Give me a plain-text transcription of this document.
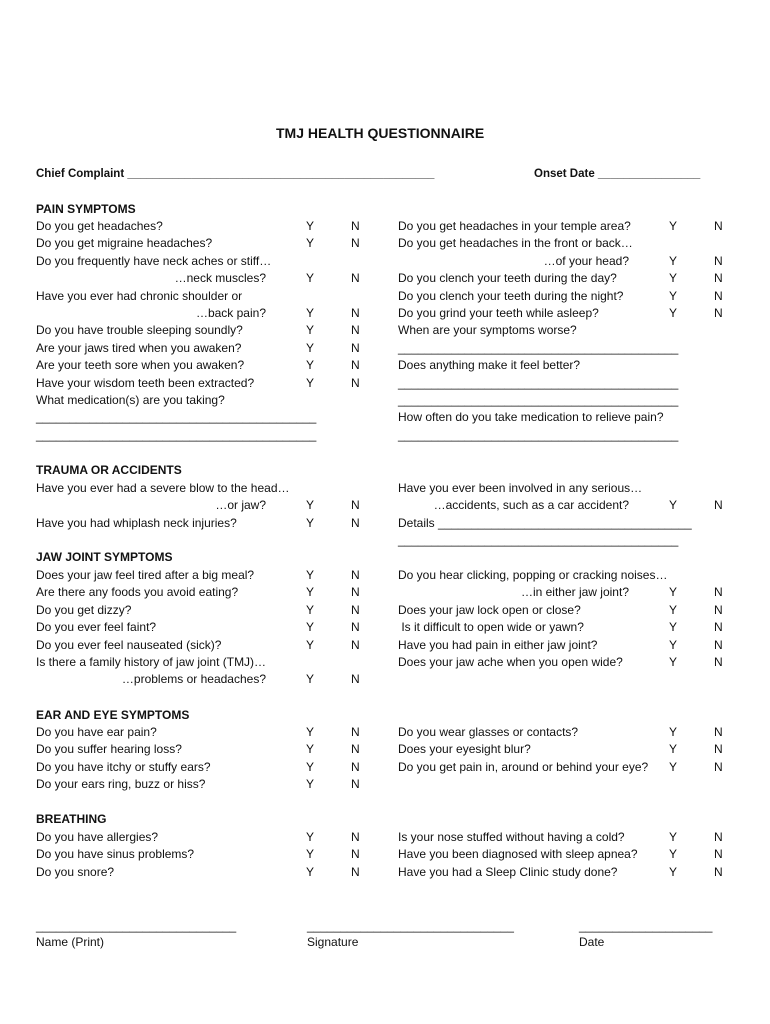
TMJ HEALTH QUESTIONNAIRE
Chief Complaint ________________________________________________	Onset Date ________________
PAIN SYMPTOMS
TRAUMA OR ACCIDENTS
JAW JOINT SYMPTOMS
EAR AND EYE SYMPTOMS
BREATHING
Do you get headaches?	Y	N
Do you get migraine headaches?	Y	N
Do you frequently have neck aches or stiff…
…neck muscles?	Y	N
Have you ever had chronic shoulder or
…back pain?	Y	N
Do you have trouble sleeping soundly?	Y	N
Are your jaws tired when you awaken?	Y	N
Are your teeth sore when you awaken?	Y	N
Have your wisdom teeth been extracted?	Y	N
What medication(s) are you taking?
__________________________________________
__________________________________________
Do you get headaches in your temple area?	Y	N
Do you get headaches in the front or back…
…of your head?	Y	N
Do you clench your teeth during the day?	Y	N
Do you clench your teeth during the night?	Y	N
Do you grind your teeth while asleep?	Y	N
When are your symptoms worse?
__________________________________________
Does anything make it feel better?
__________________________________________
__________________________________________
How often do you take medication to relieve pain?
__________________________________________
Have you ever had a severe blow to the head…
…or jaw?	Y	N
Have you had whiplash neck injuries?	Y	N
Have you ever been involved in any serious…
…accidents, such as a car accident?	Y	N
Details ______________________________________
__________________________________________
Does your jaw feel tired after a big meal?	Y	N
Are there any foods you avoid eating?	Y	N
Do you get dizzy?	Y	N
Do you ever feel faint?	Y	N
Do you ever feel nauseated (sick)?	Y	N
Is there a family history of jaw joint (TMJ)…
…problems or headaches?	Y	N
Do you hear clicking, popping or cracking noises…
…in either jaw joint?	Y	N
Does your jaw lock open or close?	Y	N
Is it difficult to open wide or yawn?	Y	N
Have you had pain in either jaw joint?	Y	N
Does your jaw ache when you open wide?	Y	N
Do you have ear pain?	Y	N
Do you suffer hearing loss?	Y	N
Do you have itchy or stuffy ears?	Y	N
Do your ears ring, buzz or hiss?	Y	N
Do you wear glasses or contacts?	Y	N
Does your eyesight blur?	Y	N
Do you get pain in, around or behind your eye? Y	N
Do you have allergies?	Y	N
Do you have sinus problems?	Y	N
Do you snore?	Y	N
Is your nose stuffed without having a cold?	Y	N
Have you been diagnosed with sleep apnea?	Y	N
Have you had a Sleep Clinic study done?	Y	N
______________________________
Name (Print)
_______________________________
Signature
____________________
Date
